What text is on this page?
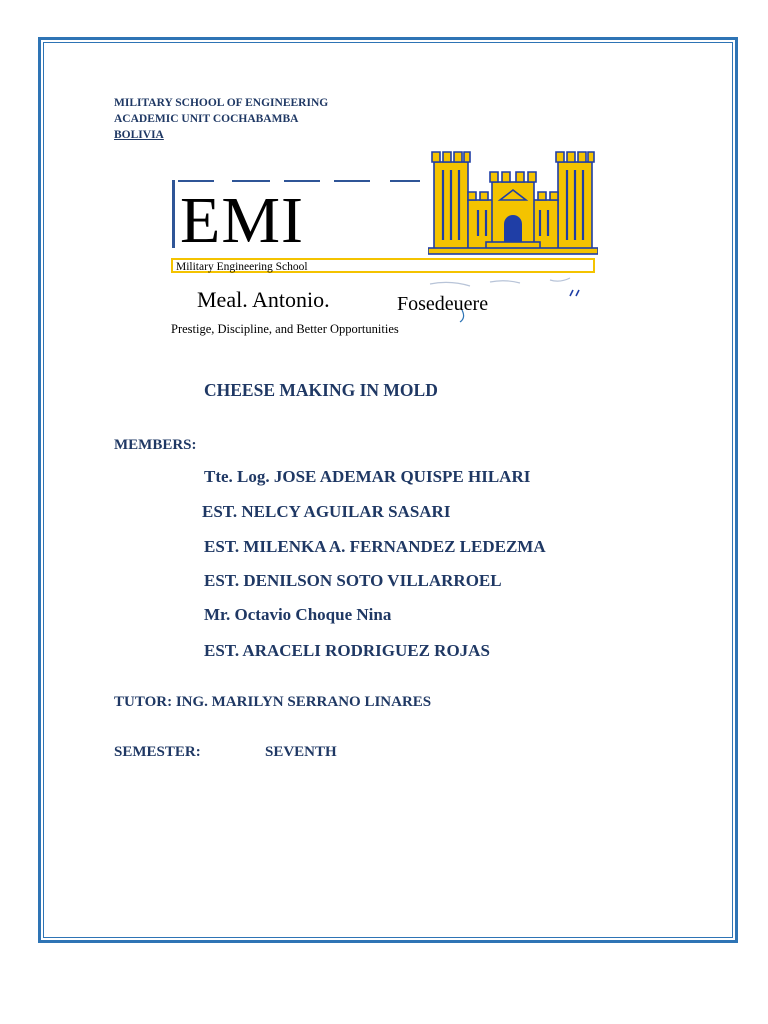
MILITARY SCHOOL OF ENGINEERING
ACADEMIC UNIT COCHABAMBA
BOLIVIA
EMI
Military Engineering School
Meal. Antonio.	Fosedeuere
Prestige, Discipline, and Better Opportunities
CHEESE MAKING IN MOLD
MEMBERS:
Tte. Log. JOSE ADEMAR QUISPE HILARI
EST. NELCY AGUILAR SASARI
EST. MILENKA A. FERNANDEZ LEDEZMA
EST. DENILSON SOTO VILLARROEL
Mr. Octavio Choque Nina
EST. ARACELI RODRIGUEZ ROJAS
TUTOR: ING. MARILYN SERRANO LINARES
SEMESTER:	SEVENTH
